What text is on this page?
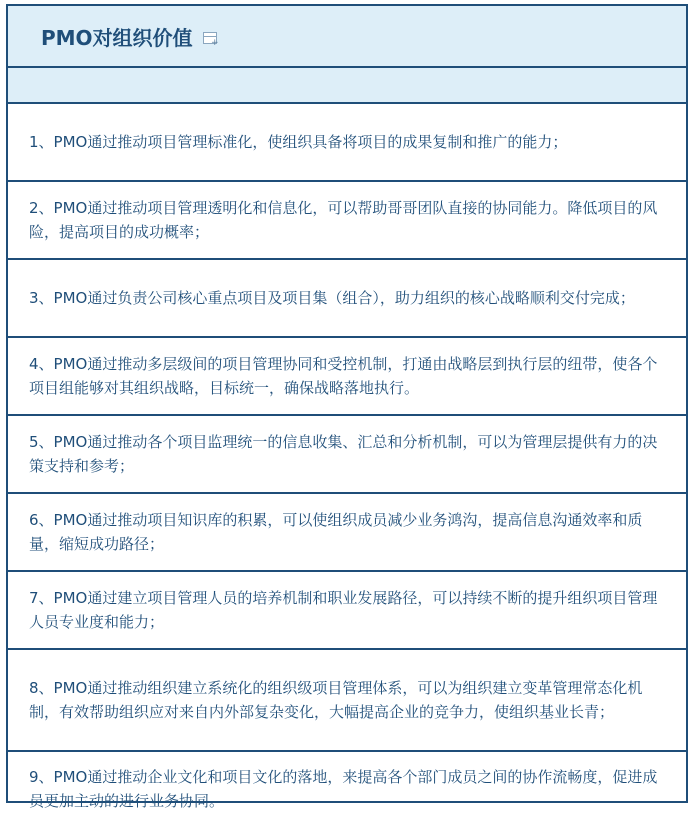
PMO对组织价值
+
1、PMO通过推动项目管理标准化，使组织具备将项目的成果复制和推广的能力；
2、PMO通过推动项目管理透明化和信息化，可以帮助哥哥团队直接的协同能力。降低项目的风险，提高项目的成功概率；
3、PMO通过负责公司核心重点项目及项目集（组合），助力组织的核心战略顺利交付完成；
4、PMO通过推动多层级间的项目管理协同和受控机制，打通由战略层到执行层的纽带，使各个项目组能够对其组织战略，目标统一，确保战略落地执行。
5、PMO通过推动各个项目监理统一的信息收集、汇总和分析机制，可以为管理层提供有力的决策支持和参考；
6、PMO通过推动项目知识库的积累，可以使组织成员减少业务鸿沟，提高信息沟通效率和质量，缩短成功路径；
7、PMO通过建立项目管理人员的培养机制和职业发展路径，可以持续不断的提升组织项目管理人员专业度和能力；
8、PMO通过推动组织建立系统化的组织级项目管理体系，可以为组织建立变革管理常态化机制，有效帮助组织应对来自内外部复杂变化，大幅提高企业的竞争力，使组织基业长青；
9、PMO通过推动企业文化和项目文化的落地，来提高各个部门成员之间的协作流畅度，促进成员更加主动的进行业务协同。
